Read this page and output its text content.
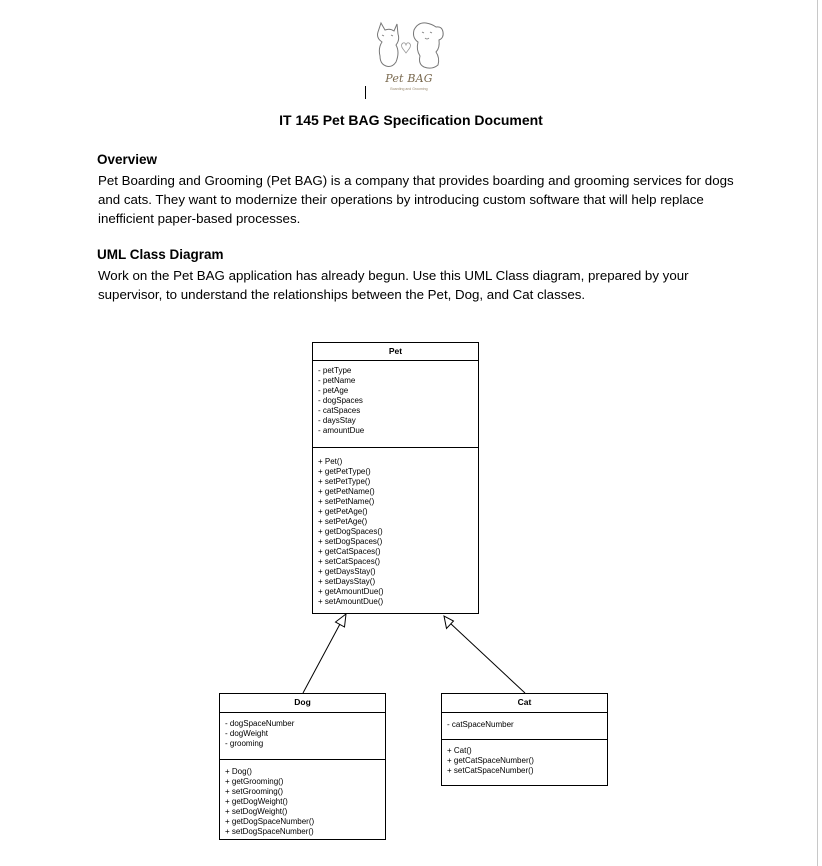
Pet BAG
Boarding and Grooming
IT 145 Pet BAG Specification Document
Overview
Pet Boarding and Grooming (Pet BAG) is a company that provides boarding and grooming services for dogs and cats. They want to modernize their operations by introducing custom software that will help replace inefficient paper-based processes.
UML Class Diagram
Work on the Pet BAG application has already begun. Use this UML Class diagram, prepared by your supervisor, to understand the relationships between the Pet, Dog, and Cat classes.
Pet
- petType
- petName
- petAge
- dogSpaces
- catSpaces
- daysStay
- amountDue
+ Pet()
+ getPetType()
+ setPetType()
+ getPetName()
+ setPetName()
+ getPetAge()
+ setPetAge()
+ getDogSpaces()
+ setDogSpaces()
+ getCatSpaces()
+ setCatSpaces()
+ getDaysStay()
+ setDaysStay()
+ getAmountDue()
+ setAmountDue()
Dog
- dogSpaceNumber
- dogWeight
- grooming
+ Dog()
+ getGrooming()
+ setGrooming()
+ getDogWeight()
+ setDogWeight()
+ getDogSpaceNumber()
+ setDogSpaceNumber()
Cat
- catSpaceNumber
+ Cat()
+ getCatSpaceNumber()
+ setCatSpaceNumber()
